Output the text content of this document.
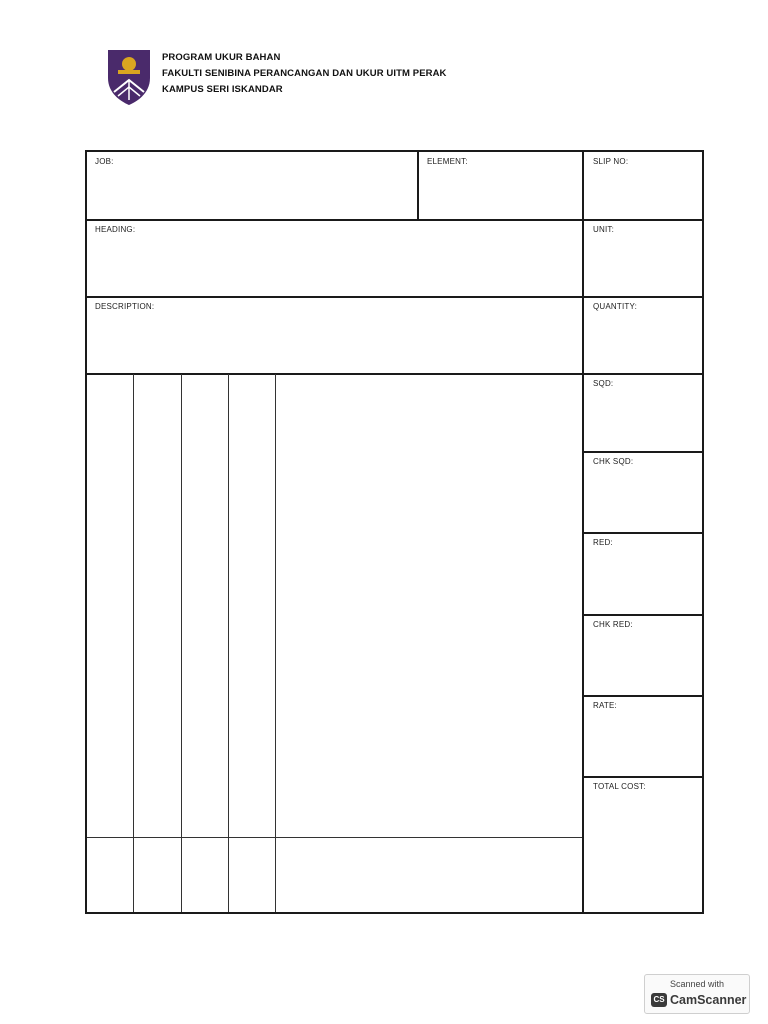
PROGRAM UKUR BAHAN
FAKULTI SENIBINA PERANCANGAN DAN UKUR UITM PERAK
KAMPUS SERI ISKANDAR
JOB:	ELEMENT:	SLIP NO:
HEADING:	UNIT:
DESCRIPTION:	QUANTITY:
SQD:
CHK SQD:
RED:
CHK RED:
RATE:
TOTAL COST:
Scanned with
CS CamScanner
